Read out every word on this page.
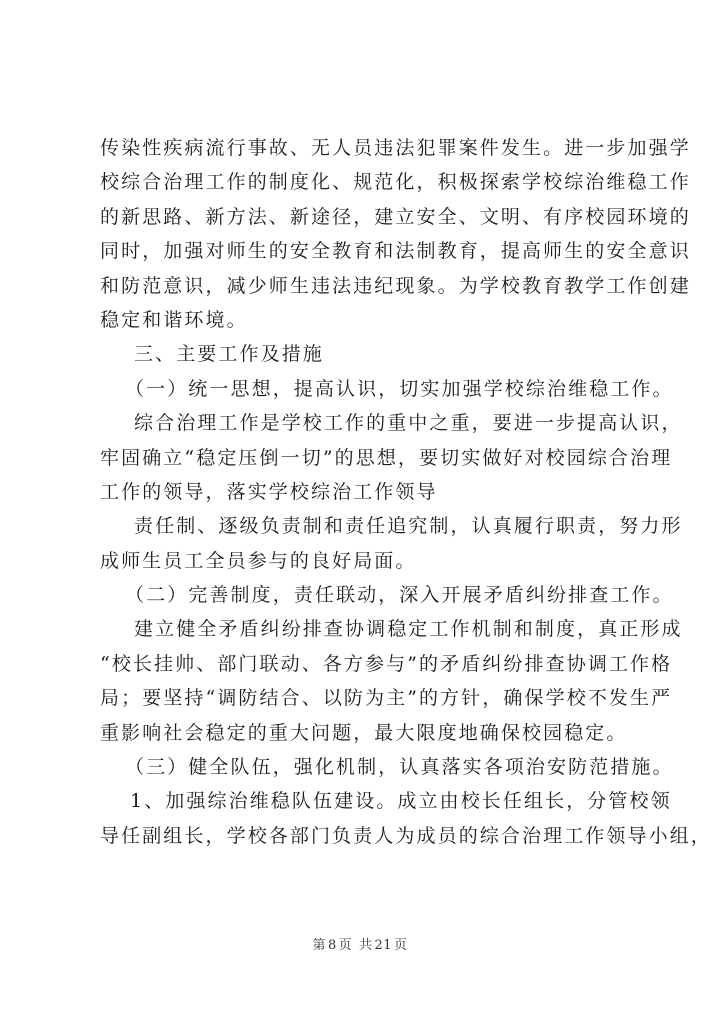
传染性疾病流行事故、无人员违法犯罪案件发生。进一步加强学
校综合治理工作的制度化、规范化，积极探索学校综治维稳工作
的新思路、新方法、新途径，建立安全、文明、有序校园环境的
同时，加强对师生的安全教育和法制教育，提高师生的安全意识
和防范意识，减少师生违法违纪现象。为学校教育教学工作创建
稳定和谐环境。
三、主要工作及措施
（一）统一思想，提高认识，切实加强学校综治维稳工作。
综合治理工作是学校工作的重中之重，要进一步提高认识，
牢固确立“稳定压倒一切”的思想，要切实做好对校园综合治理
工作的领导，落实学校综治工作领导
责任制、逐级负责制和责任追究制，认真履行职责，努力形
成师生员工全员参与的良好局面。
（二）完善制度，责任联动，深入开展矛盾纠纷排查工作。
建立健全矛盾纠纷排查协调稳定工作机制和制度，真正形成
“校长挂帅、部门联动、各方参与”的矛盾纠纷排查协调工作格
局；要坚持“调防结合、以防为主”的方针，确保学校不发生严
重影响社会稳定的重大问题，最大限度地确保校园稳定。
（三）健全队伍，强化机制，认真落实各项治安防范措施。
1、加强综治维稳队伍建设。成立由校长任组长，分管校领
导任副组长，学校各部门负责人为成员的综合治理工作领导小组，
第 8 页 共 21 页
